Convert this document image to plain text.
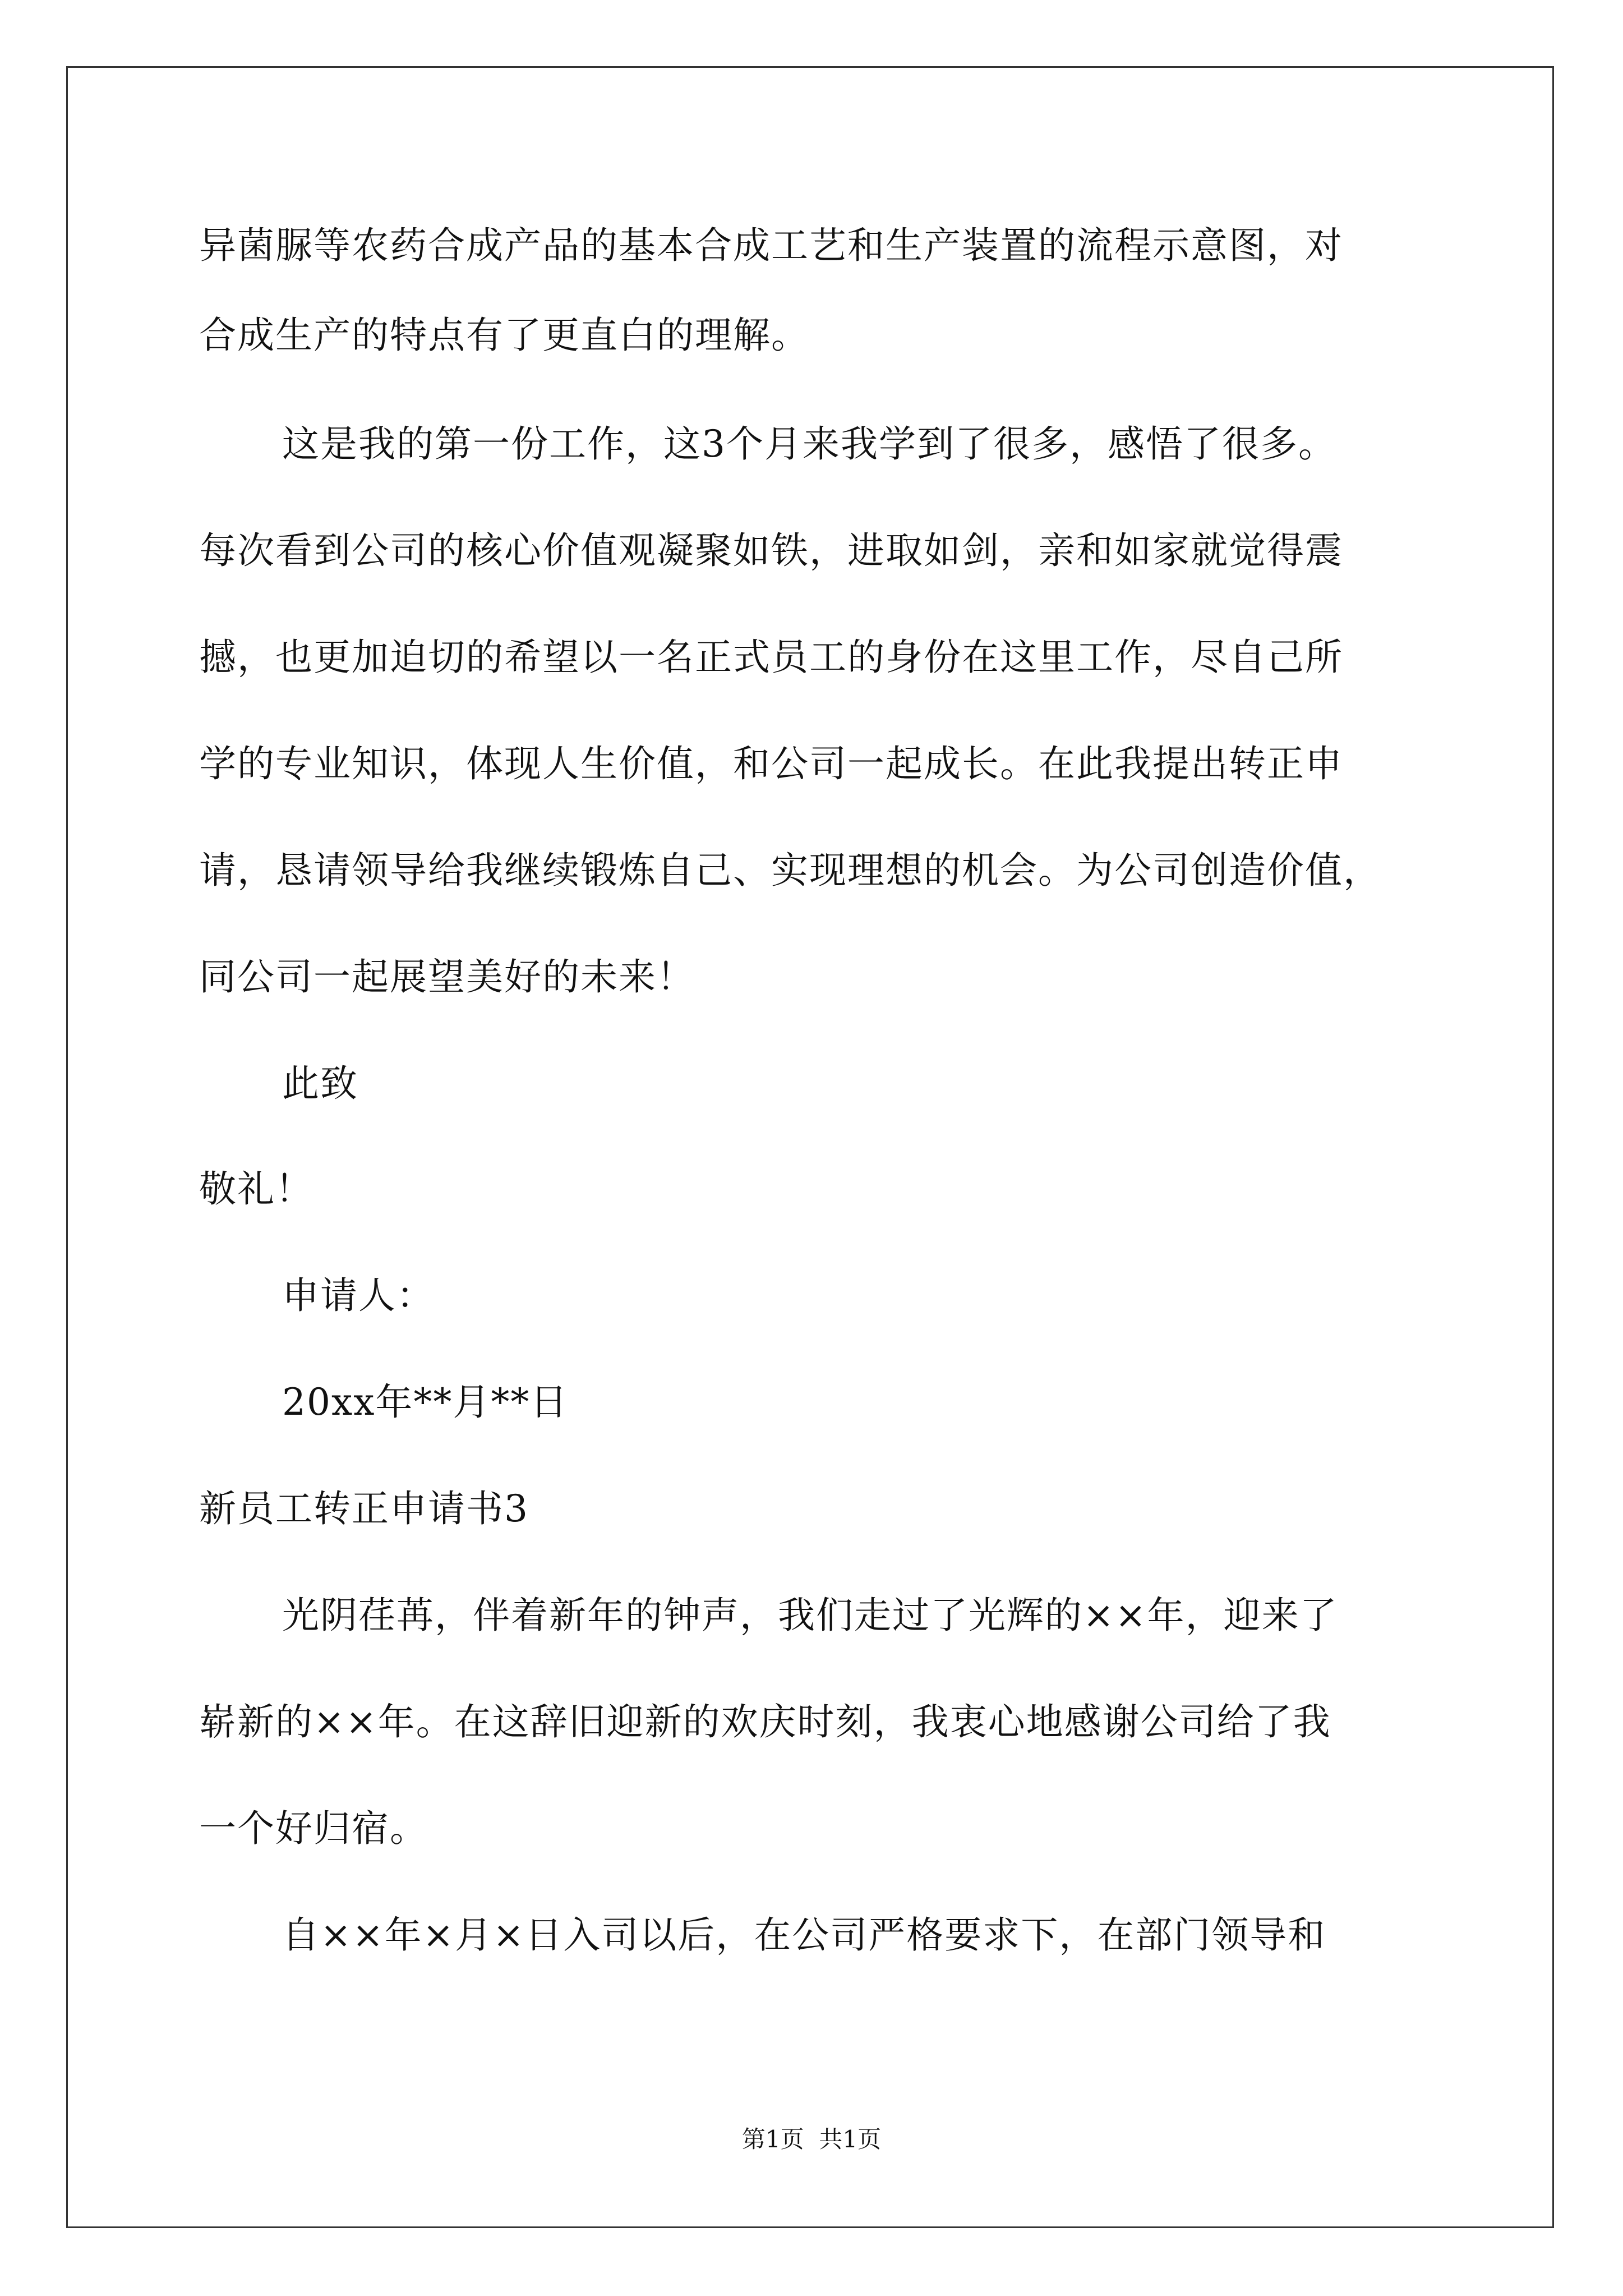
异菌脲等农药合成产品的基本合成工艺和生产装置的流程示意图，对
合成生产的特点有了更直白的理解。
这是我的第一份工作，这3个月来我学到了很多，感悟了很多。
每次看到公司的核心价值观凝聚如铁，进取如剑，亲和如家就觉得震
撼，也更加迫切的希望以一名正式员工的身份在这里工作，尽自己所
学的专业知识，体现人生价值，和公司一起成长。在此我提出转正申
请，恳请领导给我继续锻炼自己、实现理想的机会。为公司创造价值，
同公司一起展望美好的未来！
此致
敬礼！
申请人：
20xx年**月**日
新员工转正申请书3
光阴荏苒，伴着新年的钟声，我们走过了光辉的××年，迎来了
崭新的××年。在这辞旧迎新的欢庆时刻，我衷心地感谢公司给了我
一个好归宿。
自××年×月×日入司以后，在公司严格要求下，在部门领导和
第1页  共1页
